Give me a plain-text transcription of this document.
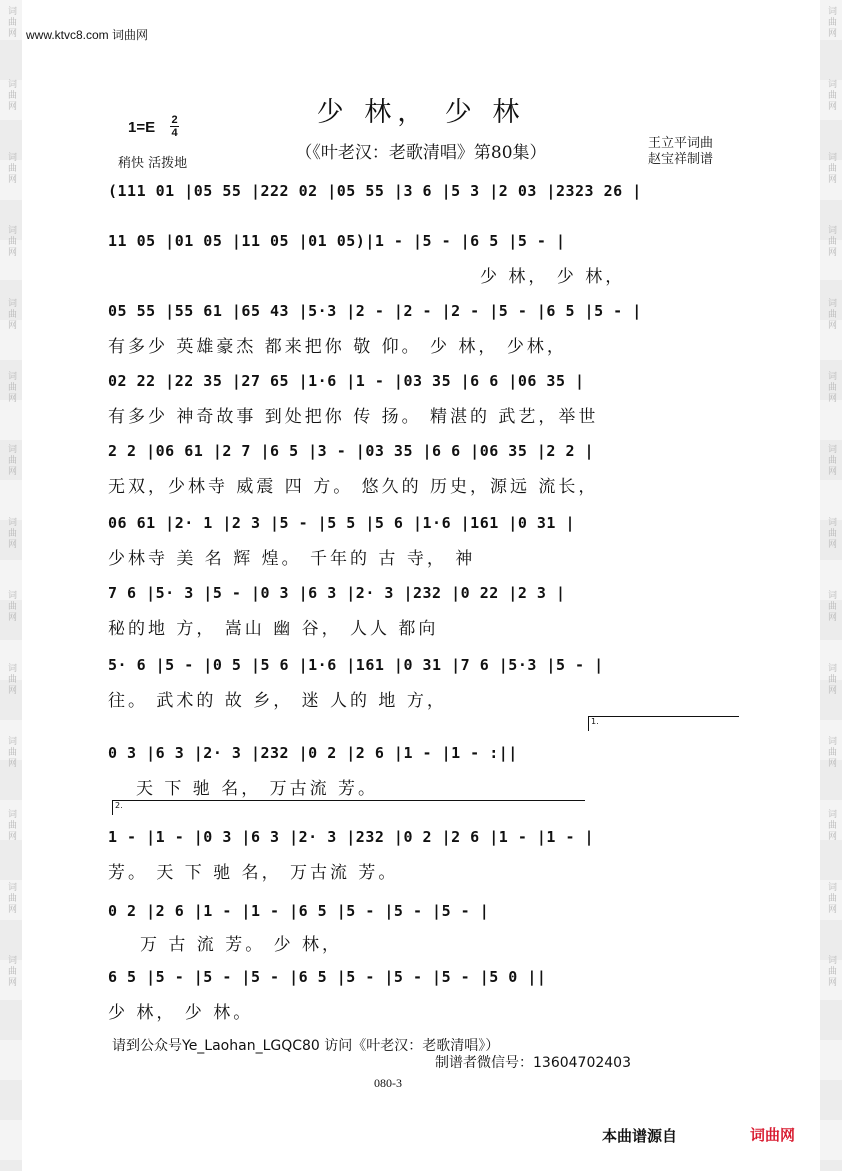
词曲网
词曲网
词曲网
词曲网
词曲网
词曲网
词曲网
词曲网
词曲网
词曲网
词曲网
词曲网
词曲网
词曲网
词曲网
词曲网
词曲网
词曲网
词曲网
词曲网
词曲网
词曲网
词曲网
词曲网
词曲网
词曲网
词曲网
词曲网
www.ktvc8.com 词曲网
少 林， 少 林
（《叶老汉：老歌清唱》第80集）
1=E 2
4
稍快 活拨地
王立平词曲
赵宝祥制谱
(111 01 |05 55 |222 02 |05 55 |3 6 |5 3 |2 03 |2323 26 |
11 05 |01 05 |11 05 |01 05)|1 - |5 - |6 5 |5 - |
少 林， 少 林，
05 55 |55 61 |65 43 |5·3 |2 - |2 - |2 - |5 - |6 5 |5 - |
有多少 英雄豪杰 都来把你 敬 仰。 少 林， 少林，
02 22 |22 35 |27 65 |1·6 |1 - |03 35 |6 6 |06 35 |
有多少 神奇故事 到处把你 传 扬。 精湛的 武艺，举世
2 2 |06 61 |2 7 |6 5 |3 - |03 35 |6 6 |06 35 |2 2 |
无双，少林寺 威震 四 方。 悠久的 历史，源远 流长，
06 61 |2· 1 |2 3 |5 - |5 5 |5 6 |1·6 |161 |0 31 |
少林寺 美 名 辉 煌。 千年的 古 寺， 神
7 6 |5· 3 |5 - |0 3 |6 3 |2· 3 |232 |0 22 |2 3 |
秘的地 方， 嵩山 幽 谷， 人人 都向
5· 6 |5 - |0 5 |5 6 |1·6 |161 |0 31 |7 6 |5·3 |5 - |
往。 武术的 故 乡， 迷 人的 地 方，
1.
0 3 |6 3 |2· 3 |232 |0 2 |2 6 |1 - |1 - :||
天 下 驰 名， 万古流 芳。
2.
1 - |1 - |0 3 |6 3 |2· 3 |232 |0 2 |2 6 |1 - |1 - |
芳。 天 下 驰 名， 万古流 芳。
0 2 |2 6 |1 - |1 - |6 5 |5 - |5 - |5 - |
万 古 流 芳。 少 林，
6 5 |5 - |5 - |5 - |6 5 |5 - |5 - |5 - |5 0 ||
少 林， 少 林。
请到公众号Ye_Laohan_LGQC80 访问《叶老汉：老歌清唱》）
制谱者微信号：13604702403
080-3
本曲谱源自	词曲网
